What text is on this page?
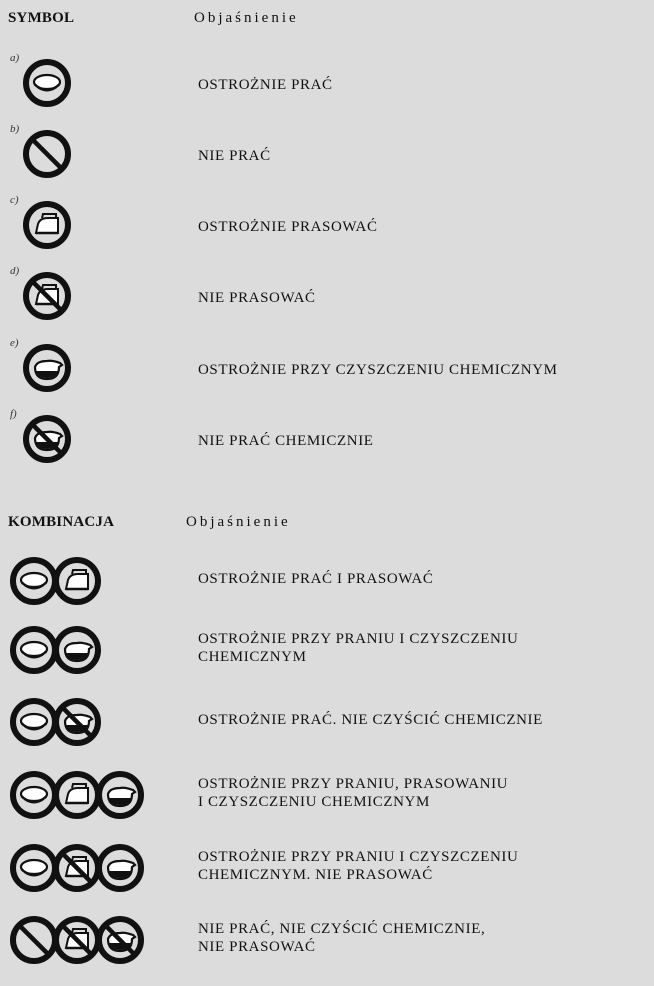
SYMBOL	Objaśnienie
a)
OSTROŻNIE PRAĆ
b)
NIE PRAĆ
c)
OSTROŻNIE PRASOWAĆ
d)
NIE PRASOWAĆ
e)
OSTROŻNIE PRZY CZYSZCZENIU CHEMICZNYM
f)
NIE PRAĆ CHEMICZNIE
KOMBINACJA	Objaśnienie
OSTROŻNIE PRAĆ I PRASOWAĆ
OSTROŻNIE PRZY PRANIU I CZYSZCZENIU
CHEMICZNYM
OSTROŻNIE PRAĆ. NIE CZYŚCIĆ CHEMICZNIE
OSTROŻNIE PRZY PRANIU, PRASOWANIU
I CZYSZCZENIU CHEMICZNYM
OSTROŻNIE PRZY PRANIU I CZYSZCZENIU
CHEMICZNYM. NIE PRASOWAĆ
NIE PRAĆ, NIE CZYŚCIĆ CHEMICZNIE,
NIE PRASOWAĆ
